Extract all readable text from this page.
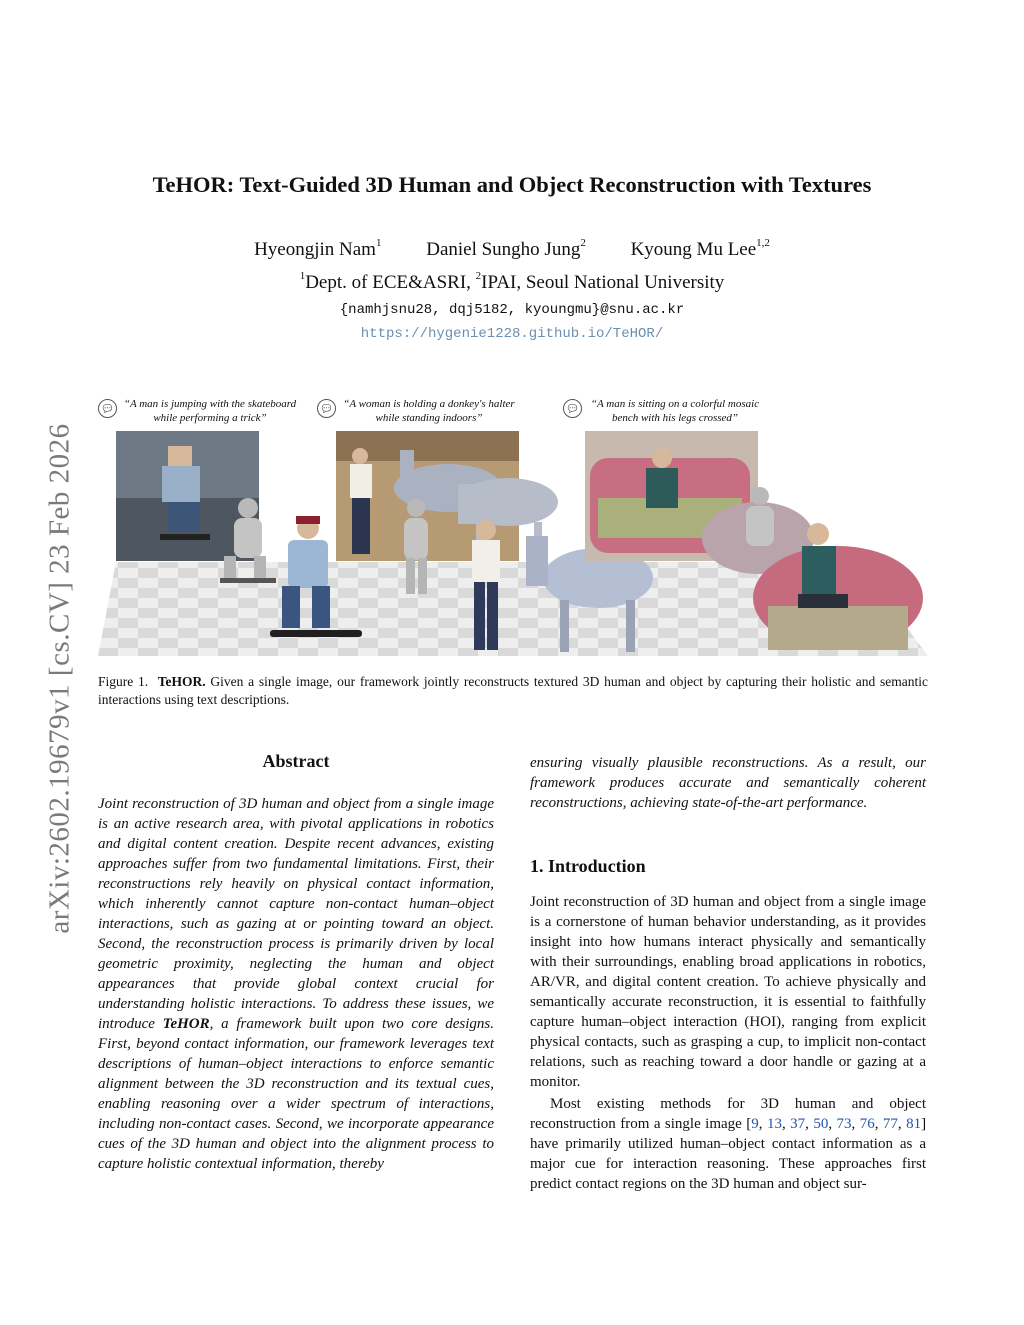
arXiv:2602.19679v1 [cs.CV] 23 Feb 2026
TeHOR: Text-Guided 3D Human and Object Reconstruction with Textures
Hyeongjin Nam$^1$ Daniel Sungho Jung$^2$ Kyoung Mu Lee$^{1,2}$
$^1$Dept. of ECE&ASRI, $^2$IPAI, Seoul National University
{namhjsnu28, dqj5182, kyoungmu}@snu.ac.kr
https://hygenie1228.github.io/TeHOR/
💬	“A man is jumping with the skateboard
while performing a trick”
💬	“A woman is holding a donkey's halter
while standing indoors”
💬	“A man is sitting on a colorful mosaic
bench with his legs crossed”
Figure 1. TeHOR. Given a single image, our framework jointly reconstructs textured 3D human and object by capturing their holistic and semantic interactions using text descriptions.
Abstract
Joint reconstruction of 3D human and object from a single image is an active research area, with pivotal applications in robotics and digital content creation. Despite recent advances, existing approaches suffer from two fundamental limitations. First, their reconstructions rely heavily on physical contact information, which inherently cannot capture non-contact human–object interactions, such as gazing at or pointing toward an object. Second, the reconstruction process is primarily driven by local geometric proximity, neglecting the human and object appearances that provide global context crucial for understanding holistic interactions. To address these issues, we introduce TeHOR, a framework built upon two core designs. First, beyond contact information, our framework leverages text descriptions of human–object interactions to enforce semantic alignment between the 3D reconstruction and its textual cues, enabling reasoning over a wider spectrum of interactions, including non-contact cases. Second, we incorporate appearance cues of the 3D human and object into the alignment process to capture holistic contextual information, thereby
ensuring visually plausible reconstructions. As a result, our framework produces accurate and semantically coherent reconstructions, achieving state-of-the-art performance.
1. Introduction
Joint reconstruction of 3D human and object from a single image is a cornerstone of human behavior understanding, as it provides insight into how humans interact physically and semantically with their surroundings, enabling broad applications in robotics, AR/VR, and digital content creation. To achieve physically and semantically accurate reconstruction, it is essential to faithfully capture human–object interaction (HOI), ranging from explicit physical contacts, such as grasping a cup, to implicit non-contact relations, such as reaching toward a door handle or gazing at a monitor.
Most existing methods for 3D human and object reconstruction from a single image [9, 13, 37, 50, 73, 76, 77, 81] have primarily utilized human–object contact information as a major cue for interaction reasoning. These approaches first predict contact regions on the 3D human and object sur-
